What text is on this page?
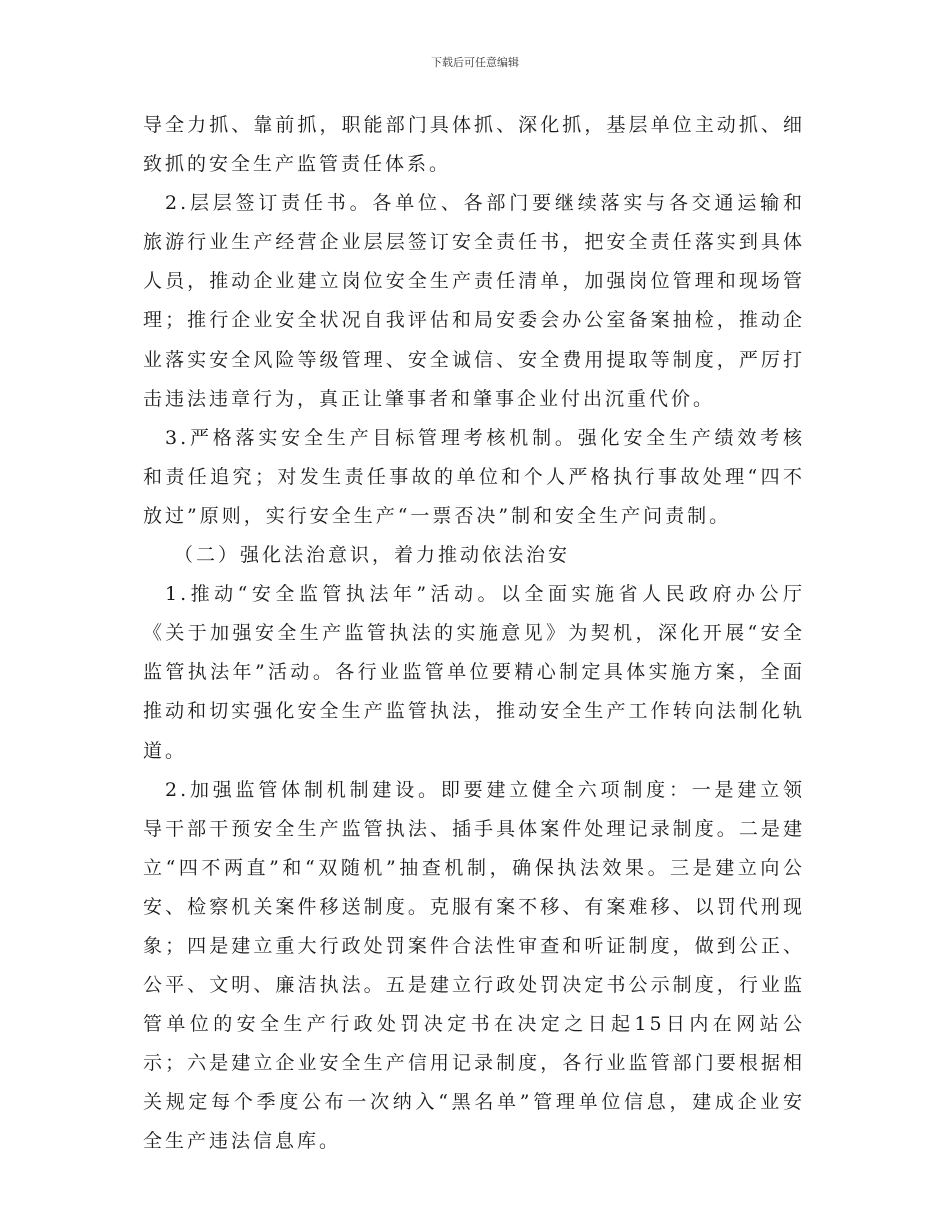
下载后可任意编辑

导全力抓、靠前抓，职能部门具体抓、深化抓，基层单位主动抓、细致抓的安全生产监管责任体系。

2.层层签订责任书。各单位、各部门要继续落实与各交通运输和旅游行业生产经营企业层层签订安全责任书，把安全责任落实到具体人员，推动企业建立岗位安全生产责任清单，加强岗位管理和现场管理；推行企业安全状况自我评估和局安委会办公室备案抽检，推动企业落实安全风险等级管理、安全诚信、安全费用提取等制度，严厉打击违法违章行为，真正让肇事者和肇事企业付出沉重代价。

3.严格落实安全生产目标管理考核机制。强化安全生产绩效考核和责任追究；对发生责任事故的单位和个人严格执行事故处理“四不放过”原则，实行安全生产“一票否决”制和安全生产问责制。

（二）强化法治意识，着力推动依法治安

1.推动“安全监管执法年”活动。以全面实施省人民政府办公厅《关于加强安全生产监管执法的实施意见》为契机，深化开展“安全监管执法年”活动。各行业监管单位要精心制定具体实施方案，全面推动和切实强化安全生产监管执法，推动安全生产工作转向法制化轨道。

2.加强监管体制机制建设。即要建立健全六项制度：一是建立领导干部干预安全生产监管执法、插手具体案件处理记录制度。二是建立“四不两直”和“双随机”抽查机制，确保执法效果。三是建立向公安、检察机关案件移送制度。克服有案不移、有案难移、以罚代刑现象；四是建立重大行政处罚案件合法性审查和听证制度，做到公正、公平、文明、廉洁执法。五是建立行政处罚决定书公示制度，行业监管单位的安全生产行政处罚决定书在决定之日起15日内在网站公示；六是建立企业安全生产信用记录制度，各行业监管部门要根据相关规定每个季度公布一次纳入“黑名单”管理单位信息，建成企业安全生产违法信息库。
